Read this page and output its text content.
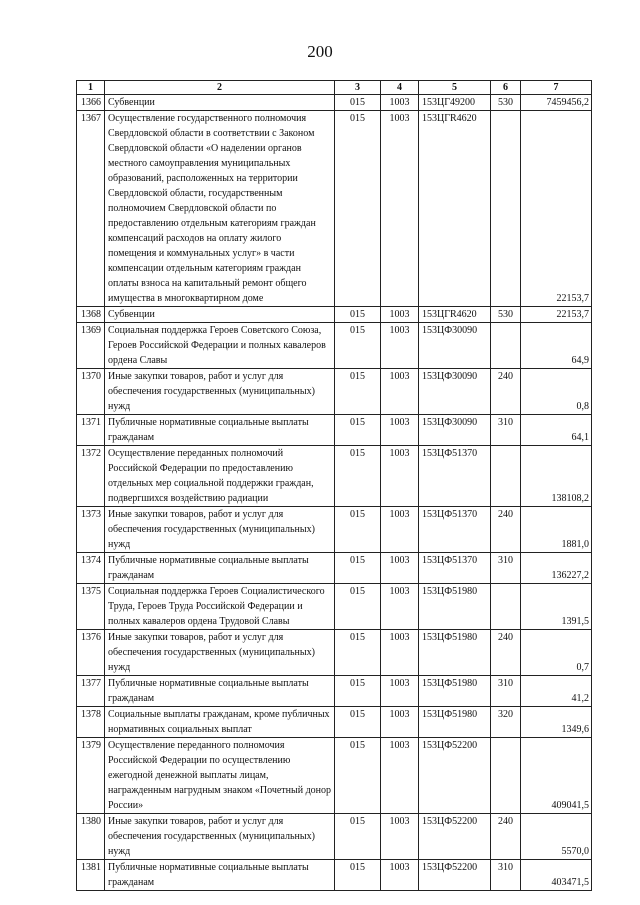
200
1	2	3	4	5	6	7
1366	Субвенции	015	1003	153ЦГ49200	530	7459456,2
1367	Осуществление государственного полномочия Свердловской области в соответствии с Законом Свердловской области «О наделении органов местного самоуправления муниципальных образований, расположенных на территории Свердловской области, государственным полномочием Свердловской области по предоставлению отдельным категориям граждан компенсаций расходов на оплату жилого помещения и коммунальных услуг» в части компенсации отдельным категориям граждан оплаты взноса на капитальный ремонт общего имущества в многоквартирном доме	015	1003	153ЦГR4620		22153,7
1368	Субвенции	015	1003	153ЦГR4620	530	22153,7
1369	Социальная поддержка Героев Советского Союза, Героев Российской Федерации и полных кавалеров ордена Славы	015	1003	153ЦФ30090		64,9
1370	Иные закупки товаров, работ и услуг для обеспечения государственных (муниципальных) нужд	015	1003	153ЦФ30090	240	0,8
1371	Публичные нормативные социальные выплаты гражданам	015	1003	153ЦФ30090	310	64,1
1372	Осуществление переданных полномочий Российской Федерации по предоставлению отдельных мер социальной поддержки граждан, подвергшихся воздействию радиации	015	1003	153ЦФ51370		138108,2
1373	Иные закупки товаров, работ и услуг для обеспечения государственных (муниципальных) нужд	015	1003	153ЦФ51370	240	1881,0
1374	Публичные нормативные социальные выплаты гражданам	015	1003	153ЦФ51370	310	136227,2
1375	Социальная поддержка Героев Социалистического Труда, Героев Труда Российской Федерации и полных кавалеров ордена Трудовой Славы	015	1003	153ЦФ51980		1391,5
1376	Иные закупки товаров, работ и услуг для обеспечения государственных (муниципальных) нужд	015	1003	153ЦФ51980	240	0,7
1377	Публичные нормативные социальные выплаты гражданам	015	1003	153ЦФ51980	310	41,2
1378	Социальные выплаты гражданам, кроме публичных нормативных социальных выплат	015	1003	153ЦФ51980	320	1349,6
1379	Осуществление переданного полномочия Российской Федерации по осуществлению ежегодной денежной выплаты лицам, награжденным нагрудным знаком «Почетный донор России»	015	1003	153ЦФ52200		409041,5
1380	Иные закупки товаров, работ и услуг для обеспечения государственных (муниципальных) нужд	015	1003	153ЦФ52200	240	5570,0
1381	Публичные нормативные социальные выплаты гражданам	015	1003	153ЦФ52200	310	403471,5
